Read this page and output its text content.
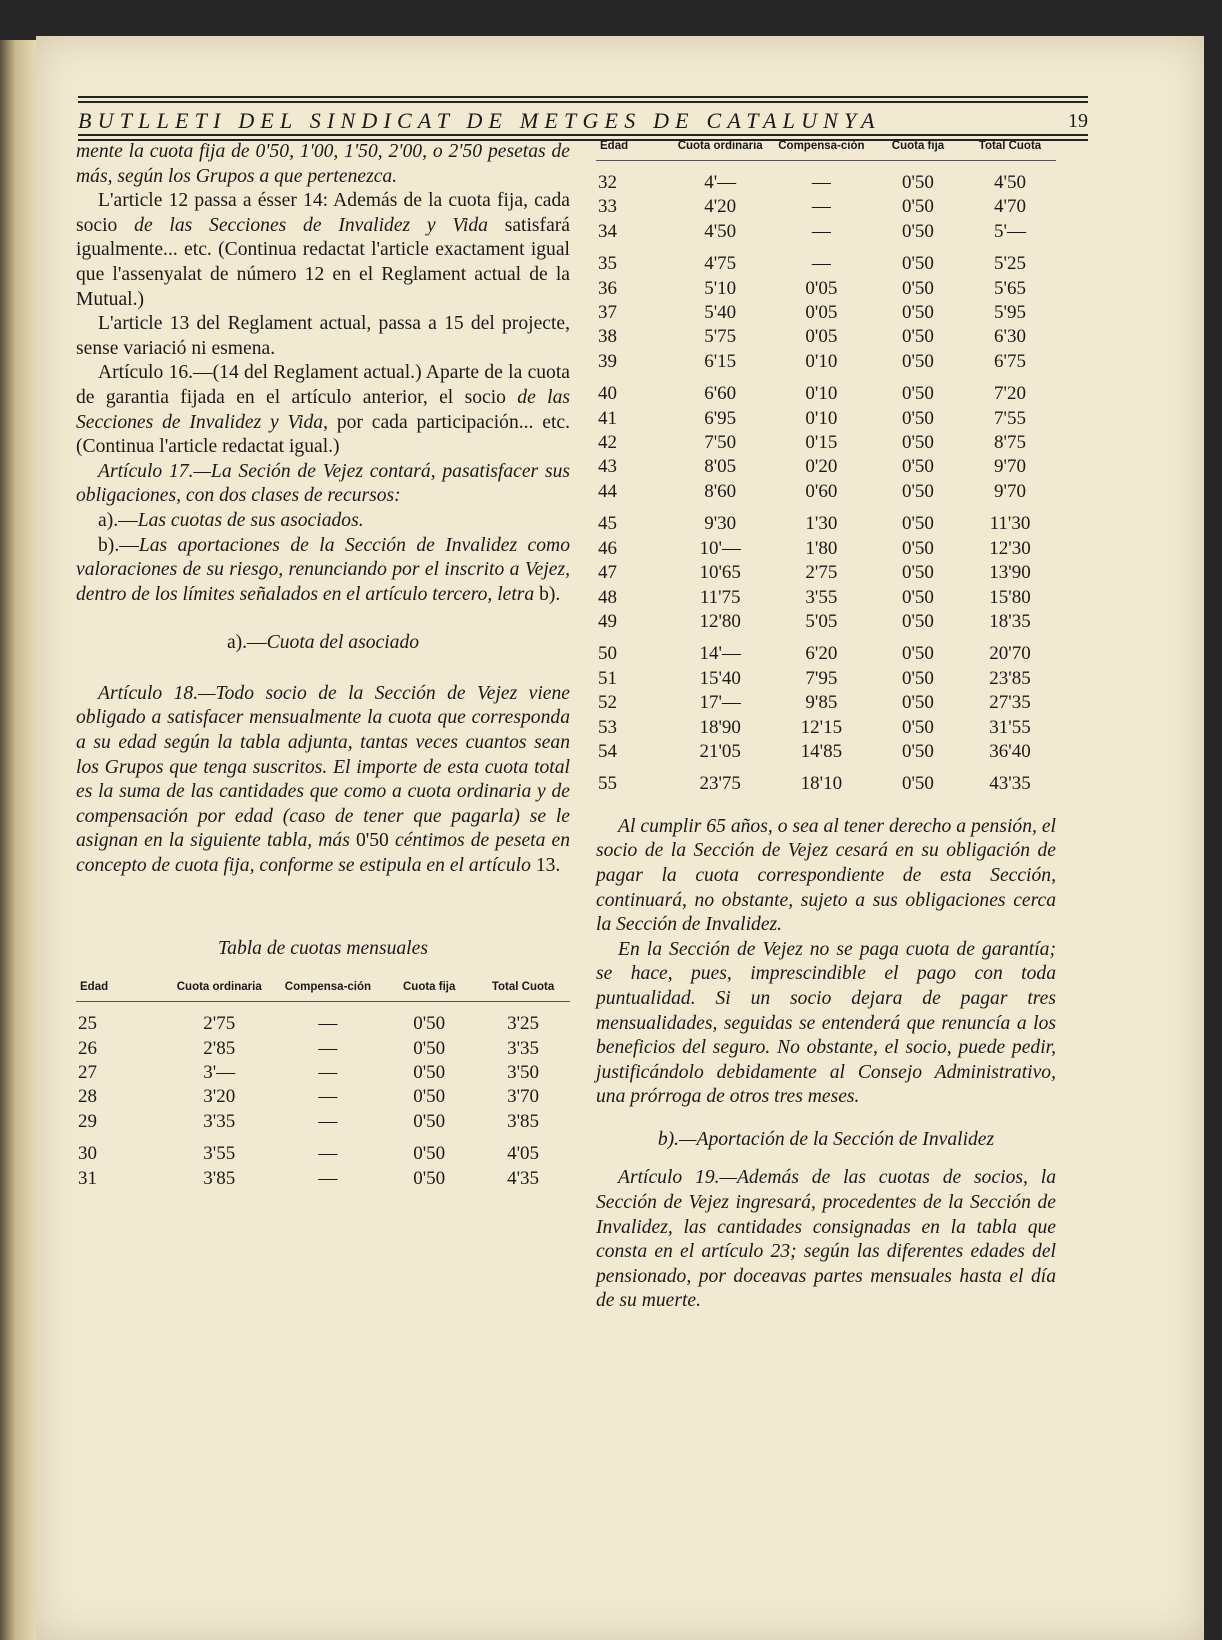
BUTLLETI DEL SINDICAT DE METGES DE CATALUNYA	19

mente la cuota fija de 0'50, 1'00, 1'50, 2'00, o 2'50 pesetas de más, según los Grupos a que pertenezca.

L'article 12 passa a ésser 14: Además de la cuota fija, cada socio de las Secciones de Invalidez y Vida satisfará igualmente... etc. (Continua redactat l'article exactament igual que l'assenyalat de número 12 en el Reglament actual de la Mutual.)

L'article 13 del Reglament actual, passa a 15 del projecte, sense variació ni esmena.

Artículo 16.—(14 del Reglament actual.) Aparte de la cuota de garantia fijada en el artículo anterior, el socio de las Secciones de Invalidez y Vida, por cada participación... etc. (Continua l'article redactat igual.)

Artículo 17.—La Seción de Vejez contará, pasatisfacer sus obligaciones, con dos clases de recursos:

a).—Las cuotas de sus asociados.

b).—Las aportaciones de la Sección de Invalidez como valoraciones de su riesgo, renunciando por el inscrito a Vejez, dentro de los límites señalados en el artículo tercero, letra b).

a).—Cuota del asociado

Artículo 18.—Todo socio de la Sección de Vejez viene obligado a satisfacer mensualmente la cuota que corresponda a su edad según la tabla adjunta, tantas veces cuantos sean los Grupos que tenga suscritos. El importe de esta cuota total es la suma de las cantidades que como a cuota ordinaria y de compensación por edad (caso de tener que pagarla) se le asignan en la siguiente tabla, más 0'50 céntimos de peseta en concepto de cuota fija, conforme se estipula en el artículo 13.

Tabla de cuotas mensuales

Edad	Cuota ordinaria	Compensa-ción	Cuota fija	Total Cuota
25	2'75	—	0'50	3'25
26	2'85	—	0'50	3'35
27	3'—	—	0'50	3'50
28	3'20	—	0'50	3'70
29	3'35	—	0'50	3'85
30	3'55	—	0'50	4'05
31	3'85	—	0'50	4'35
Edad	Cuota ordinaria	Compensa-ción	Cuota fija	Total Cuota
32	4'—	—	0'50	4'50
33	4'20	—	0'50	4'70
34	4'50	—	0'50	5'—
35	4'75	—	0'50	5'25
36	5'10	0'05	0'50	5'65
37	5'40	0'05	0'50	5'95
38	5'75	0'05	0'50	6'30
39	6'15	0'10	0'50	6'75
40	6'60	0'10	0'50	7'20
41	6'95	0'10	0'50	7'55
42	7'50	0'15	0'50	8'75
43	8'05	0'20	0'50	9'70
44	8'60	0'60	0'50	9'70
45	9'30	1'30	0'50	11'30
46	10'—	1'80	0'50	12'30
47	10'65	2'75	0'50	13'90
48	11'75	3'55	0'50	15'80
49	12'80	5'05	0'50	18'35
50	14'—	6'20	0'50	20'70
51	15'40	7'95	0'50	23'85
52	17'—	9'85	0'50	27'35
53	18'90	12'15	0'50	31'55
54	21'05	14'85	0'50	36'40
55	23'75	18'10	0'50	43'35

Al cumplir 65 años, o sea al tener derecho a pensión, el socio de la Sección de Vejez cesará en su obligación de pagar la cuota correspondiente de esta Sección, continuará, no obstante, sujeto a sus obligaciones cerca la Sección de Invalidez.

En la Sección de Vejez no se paga cuota de garantía; se hace, pues, imprescindible el pago con toda puntualidad. Si un socio dejara de pagar tres mensualidades, seguidas se entenderá que renuncía a los beneficios del seguro. No obstante, el socio, puede pedir, justificándolo debidamente al Consejo Administrativo, una prórroga de otros tres meses.

b).—Aportación de la Sección de Invalidez

Artículo 19.—Además de las cuotas de socios, la Sección de Vejez ingresará, procedentes de la Sección de Invalidez, las cantidades consignadas en la tabla que consta en el artículo 23; según las diferentes edades del pensionado, por doceavas partes mensuales hasta el día de su muerte.
